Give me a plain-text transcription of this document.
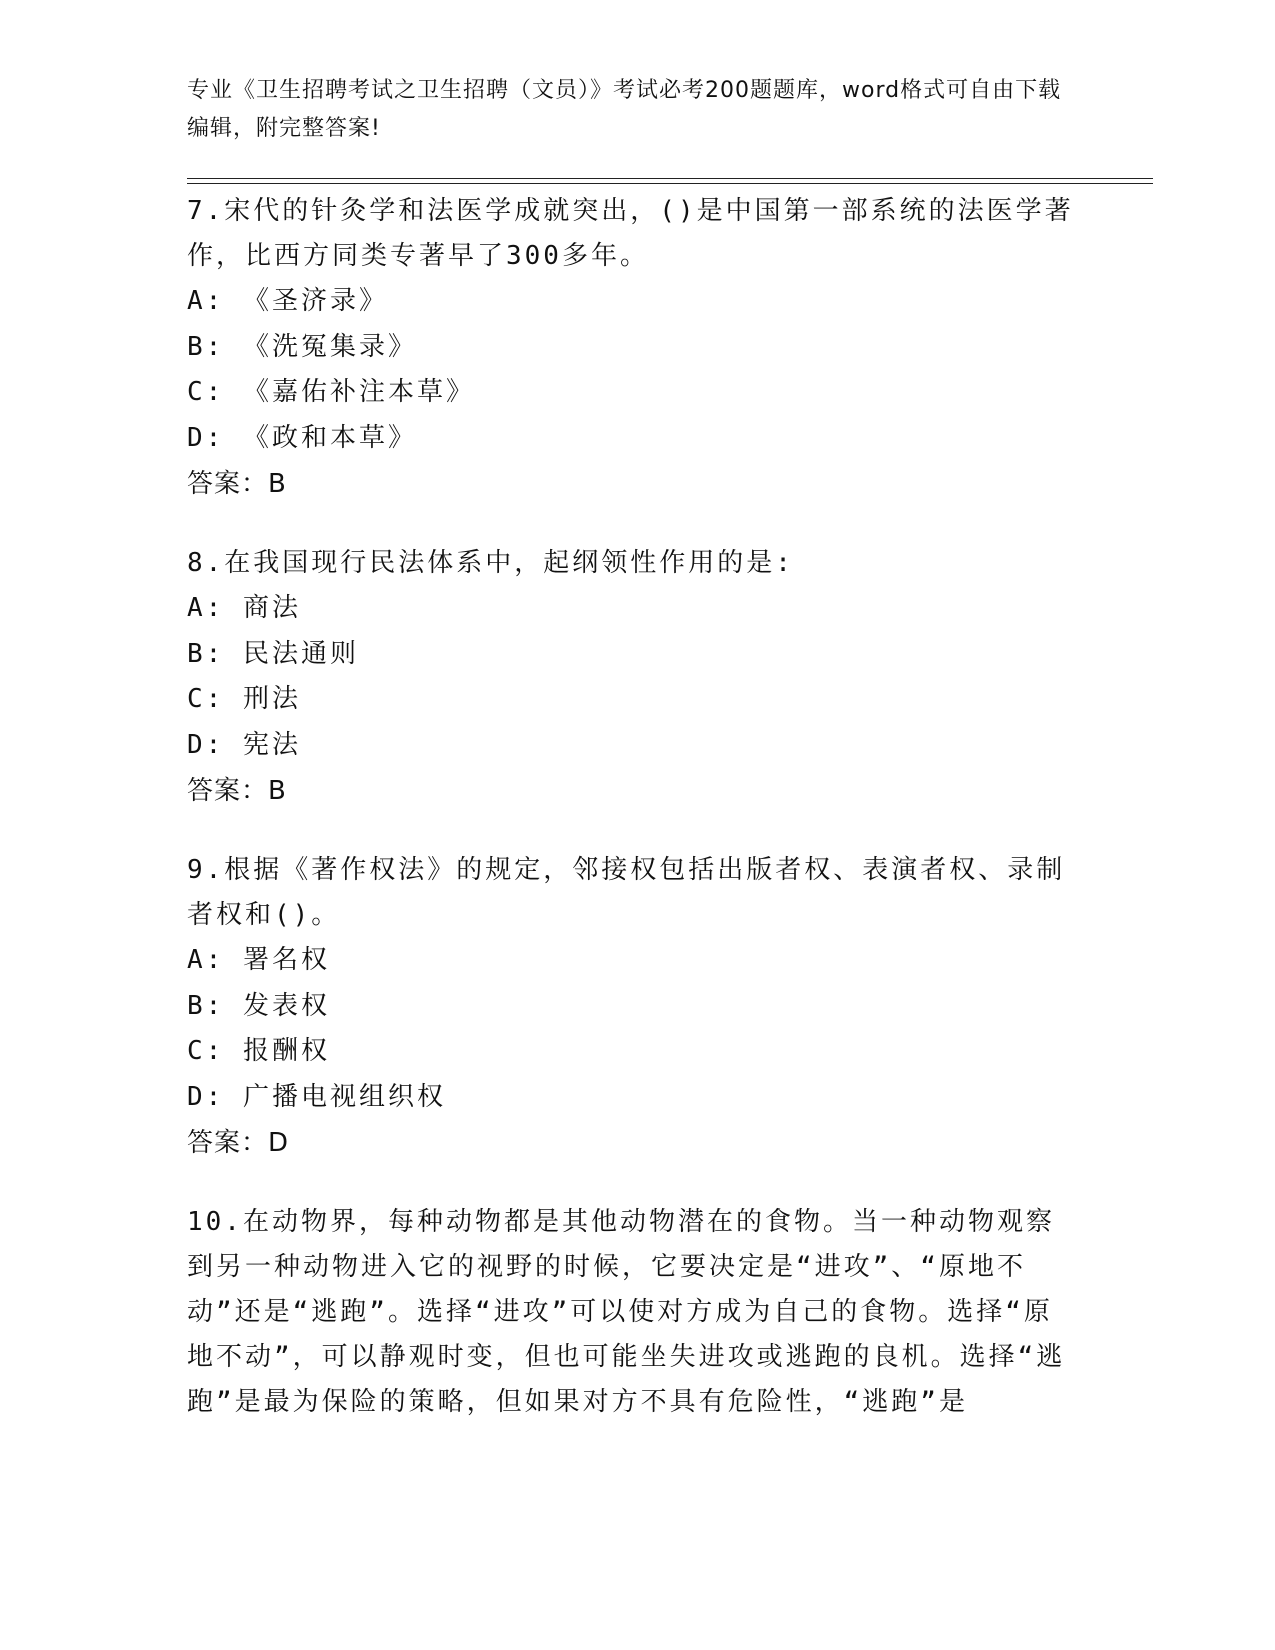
专业《卫生招聘考试之卫生招聘（文员）》考试必考200题题库，word格式可自由下载编辑，附完整答案!

7.宋代的针灸学和法医学成就突出，()是中国第一部系统的法医学著作，比西方同类专著早了300多年。

A: 《圣济录》

B: 《洗冤集录》

C: 《嘉佑补注本草》

D: 《政和本草》

答案：B

8.在我国现行民法体系中，起纲领性作用的是:

A: 商法

B: 民法通则

C: 刑法

D: 宪法

答案：B

9.根据《著作权法》的规定，邻接权包括出版者权、表演者权、录制者权和()。

A: 署名权

B: 发表权

C: 报酬权

D: 广播电视组织权

答案：D

10.在动物界，每种动物都是其他动物潜在的食物。当一种动物观察到另一种动物进入它的视野的时候，它要决定是“进攻”、“原地不动”还是“逃跑”。选择“进攻”可以使对方成为自己的食物。选择“原地不动”，可以静观时变，但也可能坐失进攻或逃跑的良机。选择“逃跑”是最为保险的策略，但如果对方不具有危险性，“逃跑”是
